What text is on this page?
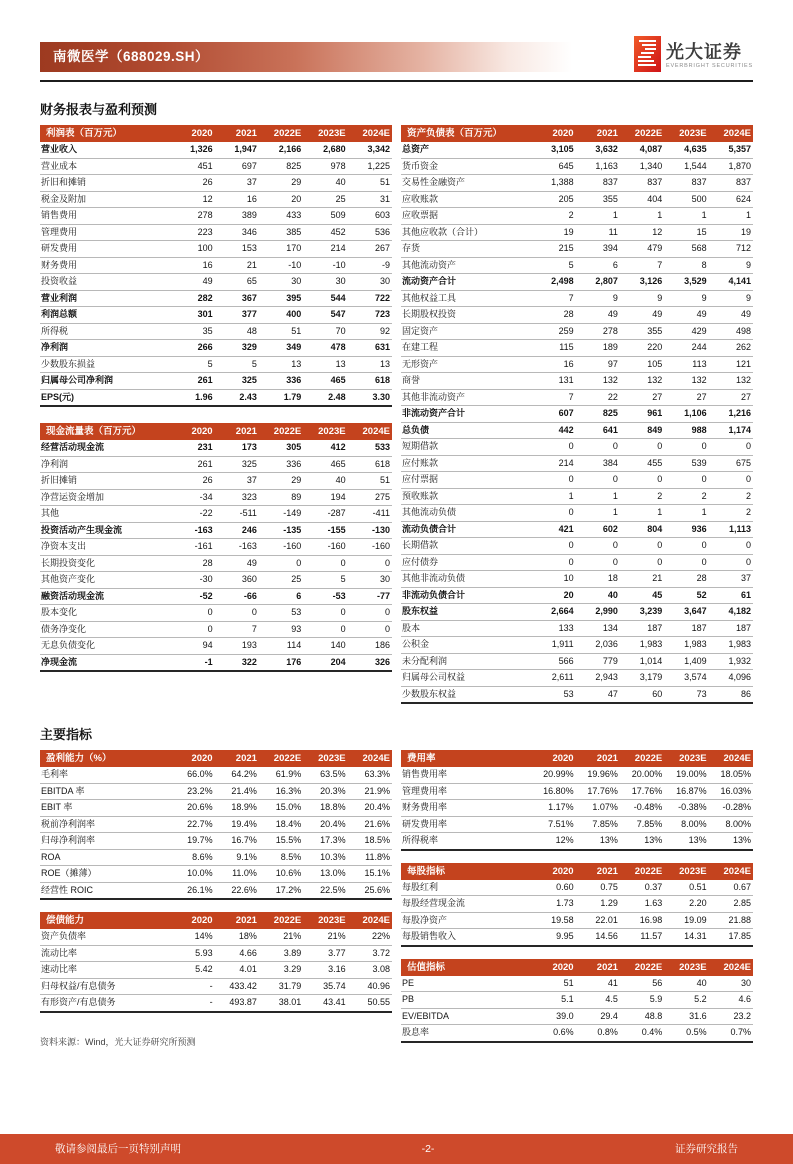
南微医学（688029.SH）	光大证券
EVERBRIGHT SECURITIES
财务报表与盈利预测
利润表（百万元）	2020	2021	2022E	2023E	2024E
营业收入	1,326	1,947	2,166	2,680	3,342
营业成本	451	697	825	978	1,225
折旧和摊销	26	37	29	40	51
税金及附加	12	16	20	25	31
销售费用	278	389	433	509	603
管理费用	223	346	385	452	536
研发费用	100	153	170	214	267
财务费用	16	21	-10	-10	-9
投资收益	49	65	30	30	30
营业利润	282	367	395	544	722
利润总额	301	377	400	547	723
所得税	35	48	51	70	92
净利润	266	329	349	478	631
少数股东损益	5	5	13	13	13
归属母公司净利润	261	325	336	465	618
EPS(元)	1.96	2.43	1.79	2.48	3.30
现金流量表（百万元）	2020	2021	2022E	2023E	2024E
经营活动现金流	231	173	305	412	533
净利润	261	325	336	465	618
折旧摊销	26	37	29	40	51
净营运资金增加	-34	323	89	194	275
其他	-22	-511	-149	-287	-411
投资活动产生现金流	-163	246	-135	-155	-130
净资本支出	-161	-163	-160	-160	-160
长期投资变化	28	49	0	0	0
其他资产变化	-30	360	25	5	30
融资活动现金流	-52	-66	6	-53	-77
股本变化	0	0	53	0	0
债务净变化	0	7	93	0	0
无息负债变化	94	193	114	140	186
净现金流	-1	322	176	204	326
资产负债表（百万元）	2020	2021	2022E	2023E	2024E
总资产	3,105	3,632	4,087	4,635	5,357
货币资金	645	1,163	1,340	1,544	1,870
交易性金融资产	1,388	837	837	837	837
应收账款	205	355	404	500	624
应收票据	2	1	1	1	1
其他应收款（合计）	19	11	12	15	19
存货	215	394	479	568	712
其他流动资产	5	6	7	8	9
流动资产合计	2,498	2,807	3,126	3,529	4,141
其他权益工具	7	9	9	9	9
长期股权投资	28	49	49	49	49
固定资产	259	278	355	429	498
在建工程	115	189	220	244	262
无形资产	16	97	105	113	121
商誉	131	132	132	132	132
其他非流动资产	7	22	27	27	27
非流动资产合计	607	825	961	1,106	1,216
总负债	442	641	849	988	1,174
短期借款	0	0	0	0	0
应付账款	214	384	455	539	675
应付票据	0	0	0	0	0
预收账款	1	1	2	2	2
其他流动负债	0	1	1	1	2
流动负债合计	421	602	804	936	1,113
长期借款	0	0	0	0	0
应付债券	0	0	0	0	0
其他非流动负债	10	18	21	28	37
非流动负债合计	20	40	45	52	61
股东权益	2,664	2,990	3,239	3,647	4,182
股本	133	134	187	187	187
公积金	1,911	2,036	1,983	1,983	1,983
未分配利润	566	779	1,014	1,409	1,932
归属母公司权益	2,611	2,943	3,179	3,574	4,096
少数股东权益	53	47	60	73	86
主要指标
盈利能力（%）	2020	2021	2022E	2023E	2024E
毛利率	66.0%	64.2%	61.9%	63.5%	63.3%
EBITDA 率	23.2%	21.4%	16.3%	20.3%	21.9%
EBIT 率	20.6%	18.9%	15.0%	18.8%	20.4%
税前净利润率	22.7%	19.4%	18.4%	20.4%	21.6%
归母净利润率	19.7%	16.7%	15.5%	17.3%	18.5%
ROA	8.6%	9.1%	8.5%	10.3%	11.8%
ROE（摊薄）	10.0%	11.0%	10.6%	13.0%	15.1%
经营性 ROIC	26.1%	22.6%	17.2%	22.5%	25.6%
偿债能力	2020	2021	2022E	2023E	2024E
资产负债率	14%	18%	21%	21%	22%
流动比率	5.93	4.66	3.89	3.77	3.72
速动比率	5.42	4.01	3.29	3.16	3.08
归母权益/有息债务	-	433.42	31.79	35.74	40.96
有形资产/有息债务	-	493.87	38.01	43.41	50.55
资料来源：Wind，光大证券研究所预测
费用率	2020	2021	2022E	2023E	2024E
销售费用率	20.99%	19.96%	20.00%	19.00%	18.05%
管理费用率	16.80%	17.76%	17.76%	16.87%	16.03%
财务费用率	1.17%	1.07%	-0.48%	-0.38%	-0.28%
研发费用率	7.51%	7.85%	7.85%	8.00%	8.00%
所得税率	12%	13%	13%	13%	13%
每股指标	2020	2021	2022E	2023E	2024E
每股红利	0.60	0.75	0.37	0.51	0.67
每股经营现金流	1.73	1.29	1.63	2.20	2.85
每股净资产	19.58	22.01	16.98	19.09	21.88
每股销售收入	9.95	14.56	11.57	14.31	17.85
估值指标	2020	2021	2022E	2023E	2024E
PE	51	41	56	40	30
PB	5.1	4.5	5.9	5.2	4.6
EV/EBITDA	39.0	29.4	48.8	31.6	23.2
股息率	0.6%	0.8%	0.4%	0.5%	0.7%
敬请参阅最后一页特别声明	-2-	证券研究报告
